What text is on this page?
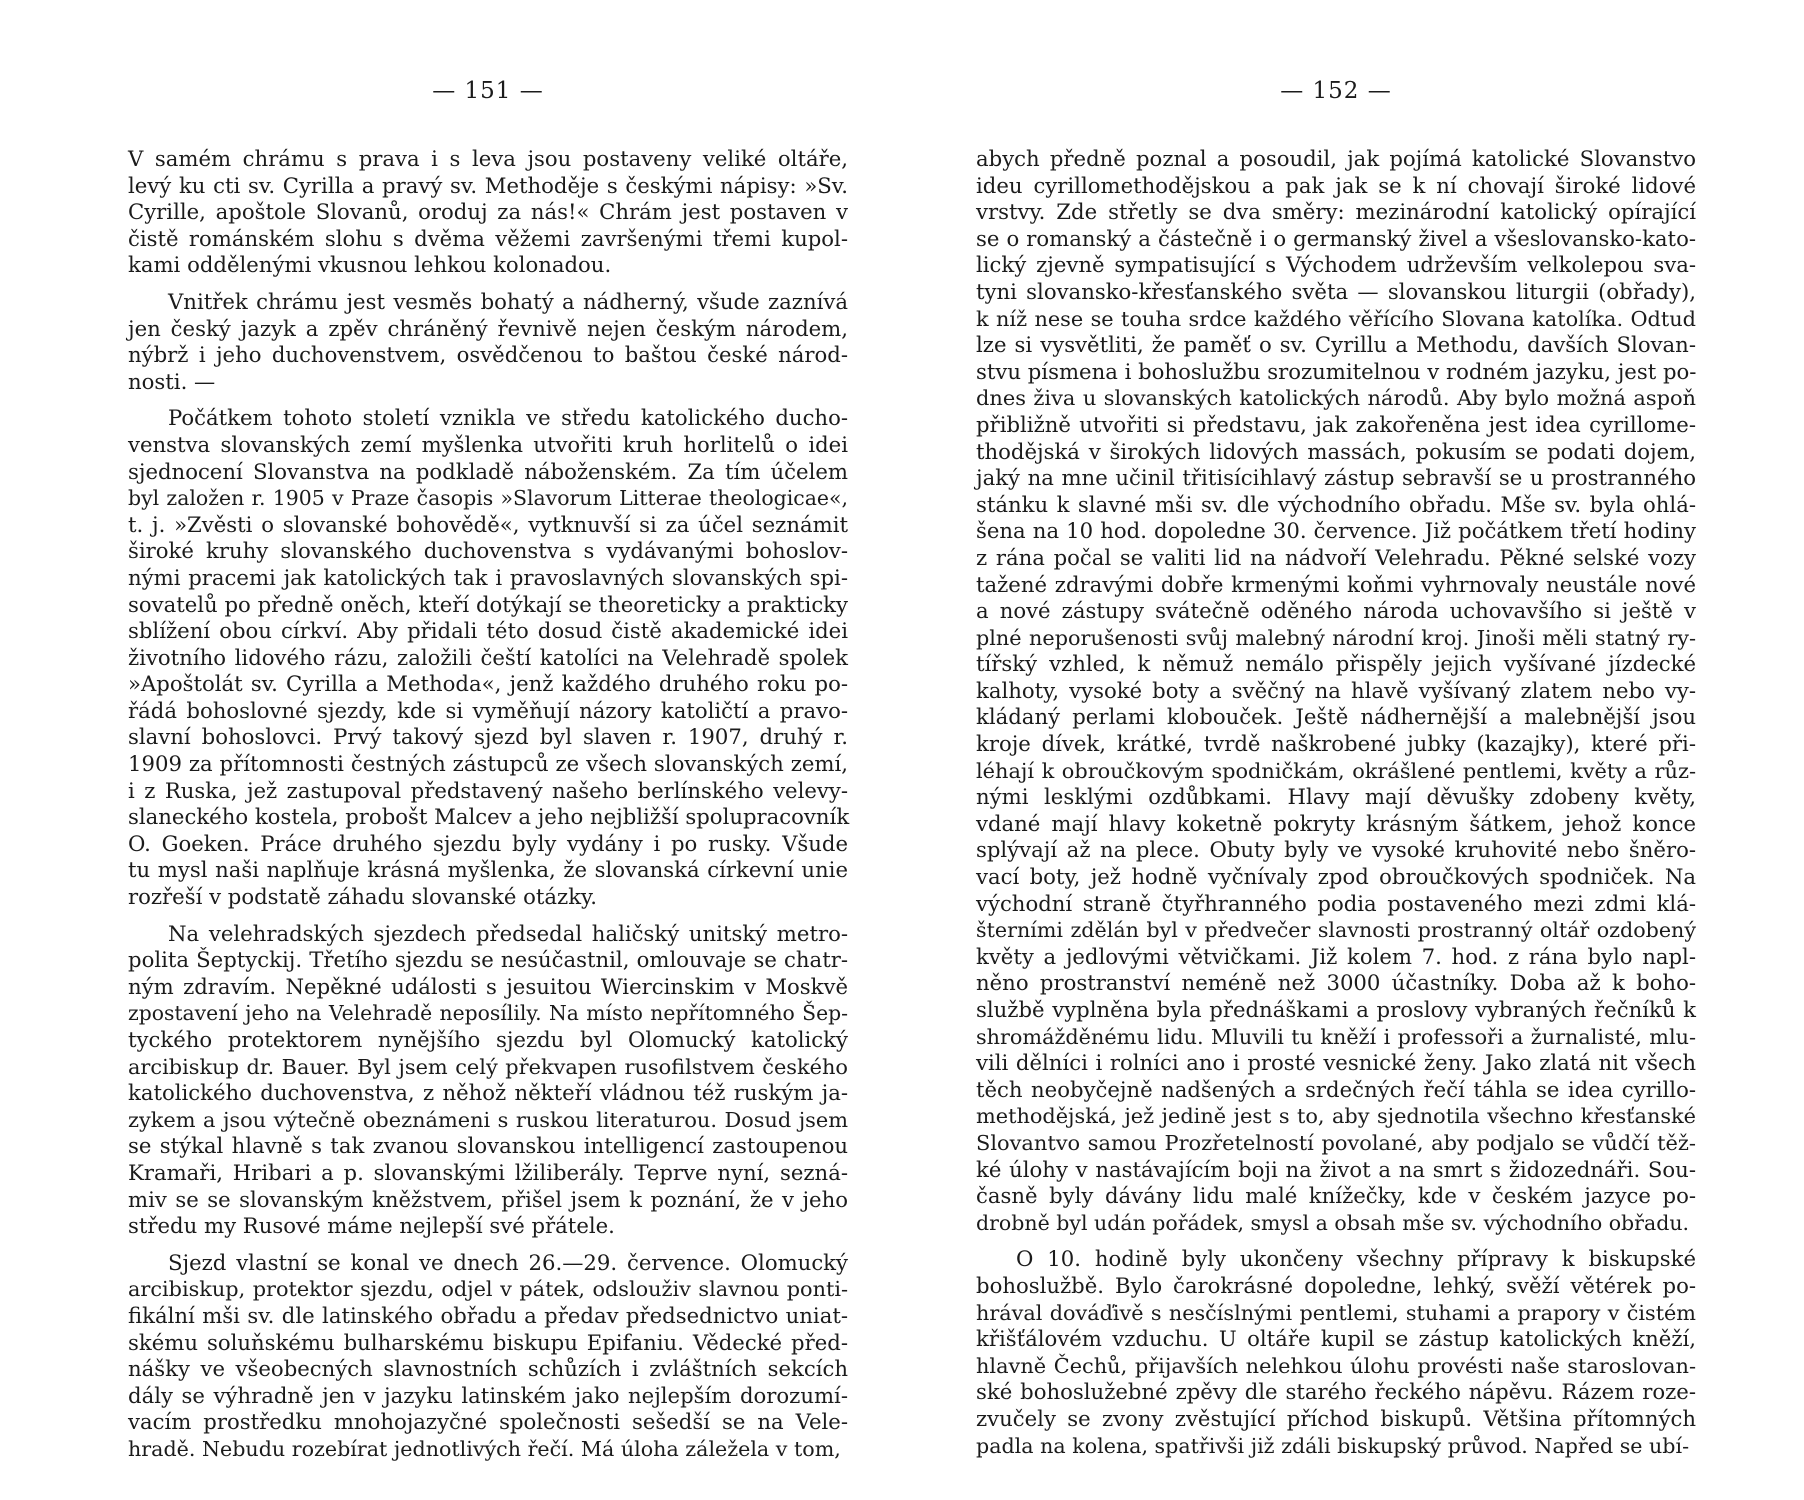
— 151 —
V samém chrámu s prava i s leva jsou postaveny veliké oltáře,
levý ku cti sv. Cyrilla a pravý sv. Methoděje s českými nápisy: »Sv.
Cyrille, apoštole Slovanů, oroduj za nás!« Chrám jest postaven v
čistě románském slohu s dvěma věžemi završenými třemi kupol-
kami oddělenými vkusnou lehkou kolonadou.
Vnitřek chrámu jest vesměs bohatý a nádherný, všude zaznívá
jen český jazyk a zpěv chráněný řevnivě nejen českým národem,
nýbrž i jeho duchovenstvem, osvědčenou to baštou české národ-
nosti. —
Počátkem tohoto století vznikla ve středu katolického ducho-
venstva slovanských zemí myšlenka utvořiti kruh horlitelů o idei
sjednocení Slovanstva na podkladě náboženském. Za tím účelem
byl založen r. 1905 v Praze časopis »Slavorum Litterae theologicae«,
t. j. »Zvěsti o slovanské bohovědě«, vytknuvší si za účel seznámit
široké kruhy slovanského duchovenstva s vydávanými bohoslov-
nými pracemi jak katolických tak i pravoslavných slovanských spi-
sovatelů po předně oněch, kteří dotýkají se theoreticky a prakticky
sblížení obou církví. Aby přidali této dosud čistě akademické idei
životního lidového rázu, založili čeští katolíci na Velehradě spolek
»Apoštolát sv. Cyrilla a Methoda«, jenž každého druhého roku po-
řádá bohoslovné sjezdy, kde si vyměňují názory katoličtí a pravo-
slavní bohoslovci. Prvý takový sjezd byl slaven r. 1907, druhý r.
1909 za přítomnosti čestných zástupců ze všech slovanských zemí,
i z Ruska, jež zastupoval představený našeho berlínského velevy-
slaneckého kostela, probošt Malcev a jeho nejbližší spolupracovník
O. Goeken. Práce druhého sjezdu byly vydány i po rusky. Všude
tu mysl naši naplňuje krásná myšlenka, že slovanská církevní unie
rozřeší v podstatě záhadu slovanské otázky.
Na velehradských sjezdech předsedal haličský unitský metro-
polita Šeptyckij. Třetího sjezdu se nesúčastnil, omlouvaje se chatr-
ným zdravím. Nepěkné události s jesuitou Wiercinskim v Moskvě
zpostavení jeho na Velehradě neposílily. Na místo nepřítomného Šep-
tyckého protektorem nynějšího sjezdu byl Olomucký katolický
arcibiskup dr. Bauer. Byl jsem celý překvapen rusofilstvem českého
katolického duchovenstva, z něhož někteří vládnou též ruským ja-
zykem a jsou výtečně obeznámeni s ruskou literaturou. Dosud jsem
se stýkal hlavně s tak zvanou slovanskou intelligencí zastoupenou
Kramaři, Hribari a p. slovanskými lžiliberály. Teprve nyní, sezná-
miv se se slovanským kněžstvem, přišel jsem k poznání, že v jeho
středu my Rusové máme nejlepší své přátele.
Sjezd vlastní se konal ve dnech 26.—29. července. Olomucký
arcibiskup, protektor sjezdu, odjel v pátek, odslouživ slavnou ponti-
fikální mši sv. dle latinského obřadu a předav předsednictvo uniat-
skému soluňskému bulharskému biskupu Epifaniu. Vědecké před-
nášky ve všeobecných slavnostních schůzích i zvláštních sekcích
dály se výhradně jen v jazyku latinském jako nejlepším dorozumí-
vacím prostředku mnohojazyčné společnosti sešedší se na Vele-
hradě. Nebudu rozebírat jednotlivých řečí. Má úloha záležela v tom,
— 152 —
abych předně poznal a posoudil, jak pojímá katolické Slovanstvo
ideu cyrillomethodějskou a pak jak se k ní chovají široké lidové
vrstvy. Zde střetly se dva směry: mezinárodní katolický opírající
se o romanský a částečně i o germanský živel a všeslovansko-kato-
lický zjevně sympatisující s Východem udrževším velkolepou sva-
tyni slovansko-křesťanského světa — slovanskou liturgii (obřady),
k níž nese se touha srdce každého věřícího Slovana katolíka. Odtud
lze si vysvětliti, že paměť o sv. Cyrillu a Methodu, davších Slovan-
stvu písmena i bohoslužbu srozumitelnou v rodném jazyku, jest po-
dnes živa u slovanských katolických národů. Aby bylo možná aspoň
přibližně utvořiti si představu, jak zakořeněna jest idea cyrillome-
thodějská v širokých lidových massách, pokusím se podati dojem,
jaký na mne učinil třitisícihlavý zástup sebravší se u prostranného
stánku k slavné mši sv. dle východního obřadu. Mše sv. byla ohlá-
šena na 10 hod. dopoledne 30. července. Již počátkem třetí hodiny
z rána počal se valiti lid na nádvoří Velehradu. Pěkné selské vozy
tažené zdravými dobře krmenými koňmi vyhrnovaly neustále nové
a nové zástupy svátečně oděného národa uchovavšího si ještě v
plné neporušenosti svůj malebný národní kroj. Jinoši měli statný ry-
tířský vzhled, k němuž nemálo přispěly jejich vyšívané jízdecké
kalhoty, vysoké boty a svěčný na hlavě vyšívaný zlatem nebo vy-
kládaný perlami klobouček. Ještě nádhernější a malebnější jsou
kroje dívek, krátké, tvrdě naškrobené jubky (kazajky), které při-
léhají k obroučkovým spodničkám, okrášlené pentlemi, květy a růz-
nými lesklými ozdůbkami. Hlavy mají děvušky zdobeny květy,
vdané mají hlavy koketně pokryty krásným šátkem, jehož konce
splývají až na plece. Obuty byly ve vysoké kruhovité nebo šněro-
vací boty, jež hodně vyčnívaly zpod obroučkových spodniček. Na
východní straně čtyřhranného podia postaveného mezi zdmi klá-
šterními zdělán byl v předvečer slavnosti prostranný oltář ozdobený
květy a jedlovými větvičkami. Již kolem 7. hod. z rána bylo napl-
něno prostranství neméně než 3000 účastníky. Doba až k boho-
službě vyplněna byla přednáškami a proslovy vybraných řečníků k
shromážděnému lidu. Mluvili tu kněží i professoři a žurnalisté, mlu-
vili dělníci i rolníci ano i prosté vesnické ženy. Jako zlatá nit všech
těch neobyčejně nadšených a srdečných řečí táhla se idea cyrillo-
methodějská, jež jedině jest s to, aby sjednotila všechno křesťanské
Slovantvo samou Prozřetelností povolané, aby podjalo se vůdčí těž-
ké úlohy v nastávajícím boji na život a na smrt s židozednáři. Sou-
časně byly dávány lidu malé knížečky, kde v českém jazyce po-
drobně byl udán pořádek, smysl a obsah mše sv. východního obřadu.
O 10. hodině byly ukončeny všechny přípravy k biskupské
bohoslužbě. Bylo čarokrásné dopoledne, lehký, svěží větérek po-
hrával dováďivě s nesčíslnými pentlemi, stuhami a prapory v čistém
křišťálovém vzduchu. U oltáře kupil se zástup katolických kněží,
hlavně Čechů, přijavších nelehkou úlohu provésti naše staroslovan-
ské bohoslužebné zpěvy dle starého řeckého nápěvu. Rázem roze-
zvučely se zvony zvěstující příchod biskupů. Většina přítomných
padla na kolena, spatřivši již zdáli biskupský průvod. Napřed se ubí-
